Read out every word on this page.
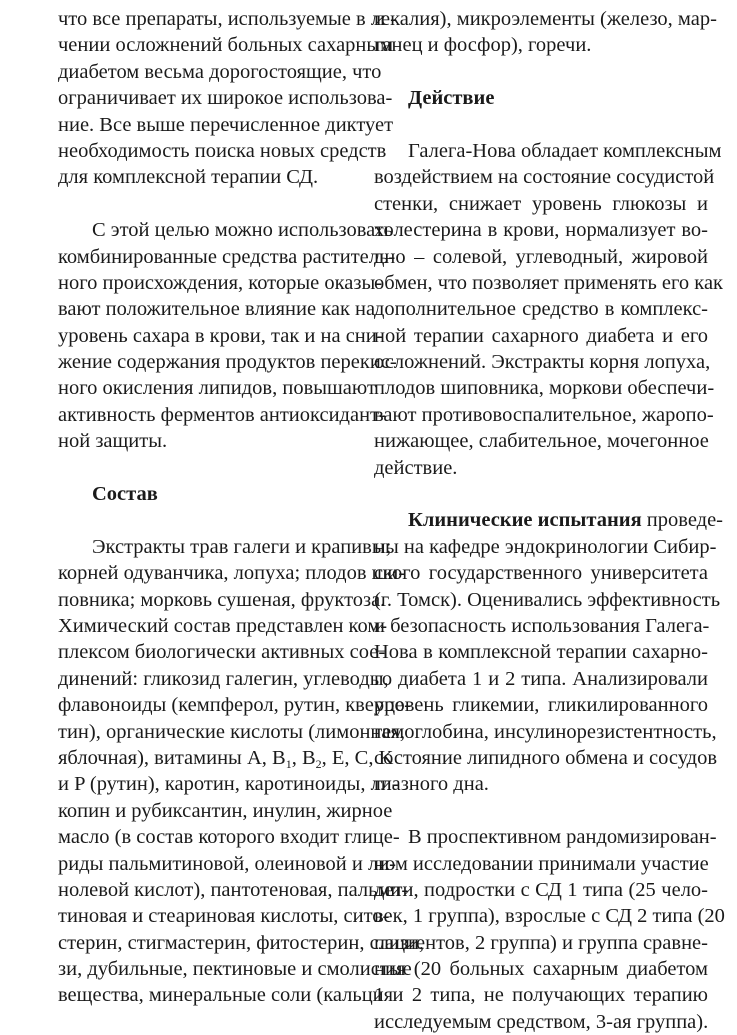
что все препараты, используемые в ле-
чении осложнений больных сахарным
диабетом весьма дорогостоящие, что
ограничивает их широкое использова-
ние. Все выше перечисленное диктует
необходимость поиска новых средств
для комплексной терапии СД.
С этой целью можно использовать
комбинированные средства раститель-
ного происхождения, которые оказы-
вают положительное влияние как на
уровень сахара в крови, так и на сни-
жение содержания продуктов перекис-
ного окисления липидов, повышают
активность ферментов антиоксидант-
ной защиты.
Состав
Экстракты трав галеги и крапивы;
корней одуванчика, лопуха; плодов ши-
повника; морковь сушеная, фруктоза.
Химический состав представлен ком-
плексом биологически активных сое-
динений: гликозид галегин, углеводы,
флавоноиды (кемпферол, рутин, кверце-
тин), органические кислоты (лимонная,
яблочная), витамины A, $B_1$, $B_2$, E, C, K
и P (рутин), каротин, каротиноиды, ли-
копин и рубиксантин, инулин, жирное
масло (в состав которого входит глице-
риды пальмитиновой, олеиновой и ли-
нолевой кислот), пантотеновая, пальми-
тиновая и стеариновая кислоты, сито-
стерин, стигмастерин, фитостерин, слизи,
зи, дубильные, пектиновые и смолистые
вещества, минеральные соли (кальция
и калия), микроэлементы (железо, мар-
ганец и фосфор), горечи.
Действие
Галега-Нова обладает комплексным
воздействием на состояние сосудистой
стенки, снижает уровень глюкозы и
холестерина в крови, нормализует во-
дно – солевой, углеводный, жировой
обмен, что позволяет применять его как
дополнительное средство в комплекс-
ной терапии сахарного диабета и его
осложнений. Экстракты корня лопуха,
плодов шиповника, моркови обеспечи-
вают противовоспалительное, жаропо-
нижающее, слабительное, мочегонное
действие.
Клинические испытания проведе-
ны на кафедре эндокринологии Сибир-
ского государственного университета
(г. Томск). Оценивались эффективность
и безопасность использования Галега-
Нова в комплексной терапии сахарно-
го диабета 1 и 2 типа. Анализировали
уровень гликемии, гликилированного
гемоглобина, инсулинорезистентность,
состояние липидного обмена и сосудов
глазного дна.
В проспективном рандомизирован-
ном исследовании принимали участие
дети, подростки с СД 1 типа (25 чело-
век, 1 группа), взрослые с СД 2 типа (20
пациентов, 2 группа) и группа сравне-
ния (20 больных сахарным диабетом
1 и 2 типа, не получающих терапию
исследуемым средством, 3-ая группа).
